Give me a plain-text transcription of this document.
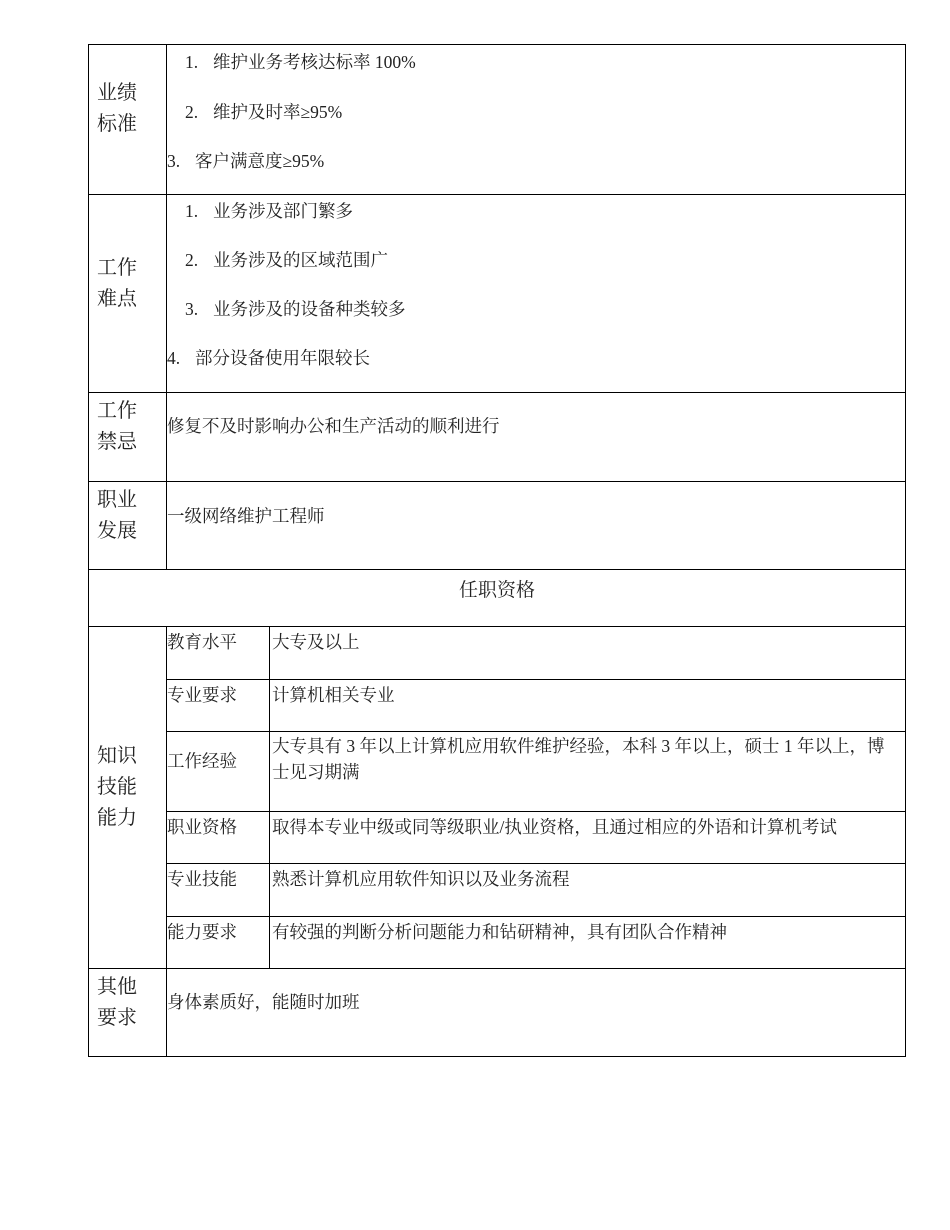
业绩
标准
1. 维护业务考核达标率 100%
2. 维护及时率≥95%
3. 客户满意度≥95%
工作
难点
1. 业务涉及部门繁多
2. 业务涉及的区域范围广
3. 业务涉及的设备种类较多
4. 部分设备使用年限较长
工作
禁忌
修复不及时影响办公和生产活动的顺利进行
职业
发展
一级网络维护工程师
任职资格
知识
技能
能力
教育水平 大专及以上
专业要求 计算机相关专业
工作经验
大专具有 3 年以上计算机应用软件维护经验，本科 3 年以上，硕士 1 年以上，博士见习期满
职业资格 取得本专业中级或同等级职业/执业资格，且通过相应的外语和计算机考试
专业技能 熟悉计算机应用软件知识以及业务流程
能力要求 有较强的判断分析问题能力和钻研精神，具有团队合作精神
其他
要求
身体素质好，能随时加班
